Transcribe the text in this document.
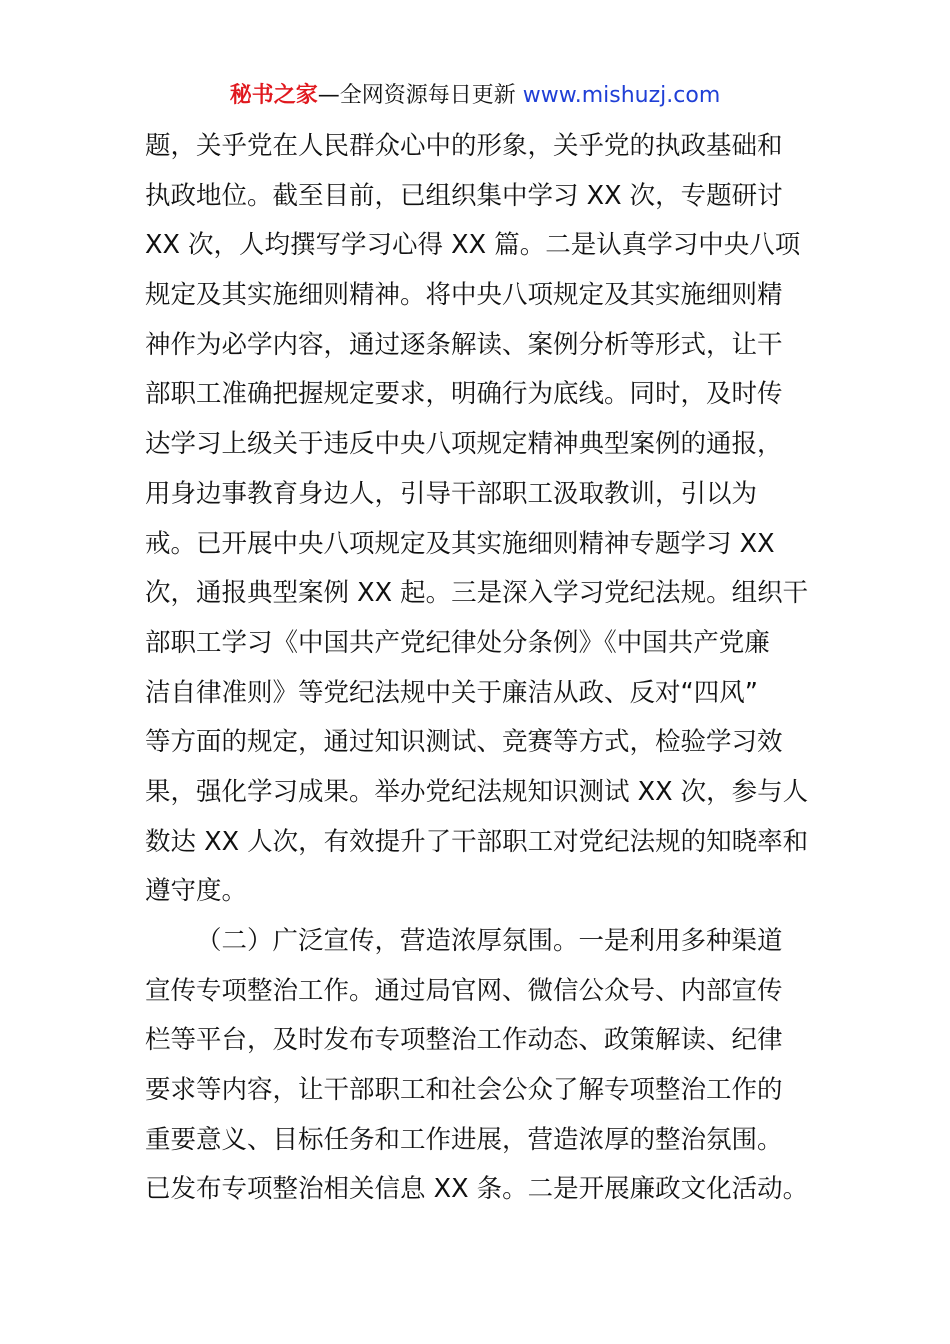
秘书之家—全网资源每日更新 www.mishuzj.com
题，关乎党在人民群众心中的形象，关乎党的执政基础和
执政地位。截至目前，已组织集中学习 XX 次，专题研讨
XX 次，人均撰写学习心得 XX 篇。二是认真学习中央八项
规定及其实施细则精神。将中央八项规定及其实施细则精
神作为必学内容，通过逐条解读、案例分析等形式，让干
部职工准确把握规定要求，明确行为底线。同时，及时传
达学习上级关于违反中央八项规定精神典型案例的通报，
用身边事教育身边人，引导干部职工汲取教训，引以为
戒。已开展中央八项规定及其实施细则精神专题学习 XX
次，通报典型案例 XX 起。三是深入学习党纪法规。组织干
部职工学习《中国共产党纪律处分条例》《中国共产党廉
洁自律准则》等党纪法规中关于廉洁从政、反对“四风”
等方面的规定，通过知识测试、竞赛等方式，检验学习效
果，强化学习成果。举办党纪法规知识测试 XX 次，参与人
数达 XX 人次，有效提升了干部职工对党纪法规的知晓率和
遵守度。
（二）广泛宣传，营造浓厚氛围。一是利用多种渠道
宣传专项整治工作。通过局官网、微信公众号、内部宣传
栏等平台，及时发布专项整治工作动态、政策解读、纪律
要求等内容，让干部职工和社会公众了解专项整治工作的
重要意义、目标任务和工作进展，营造浓厚的整治氛围。
已发布专项整治相关信息 XX 条。二是开展廉政文化活动。
